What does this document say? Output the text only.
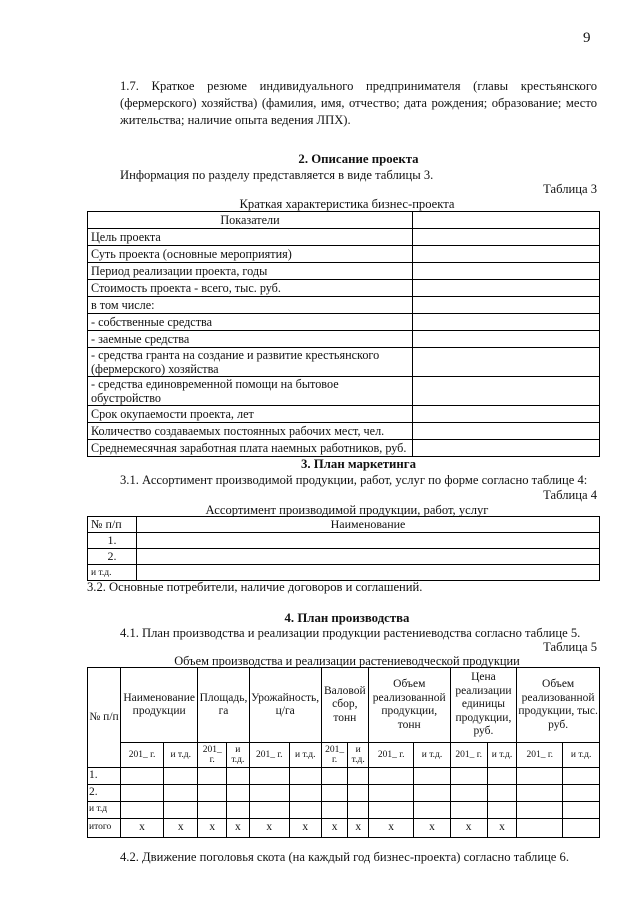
9

1.7. Краткое резюме индивидуального предпринимателя (главы крестьянского (фермерского) хозяйства) (фамилия, имя, отчество; дата рождения; образование; место жительства; наличие опыта ведения ЛПХ).

2. Описание проекта
Информация по разделу представляется в виде таблицы 3.
Таблица 3
Краткая характеристика бизнес-проекта
Показатели	
Цель проекта	
Суть проекта (основные мероприятия)	
Период реализации проекта, годы	
Стоимость проекта - всего, тыс. руб.	
в том числе:	
- собственные средства	
- заемные средства	
- средства гранта на создание и развитие крестьянского (фермерского) хозяйства	
- средства единовременной помощи на бытовое обустройство	
Срок окупаемости проекта, лет	
Количество создаваемых постоянных рабочих мест, чел.	
Среднемесячная заработная плата наемных работников, руб.	
3. План маркетинга
3.1. Ассортимент производимой продукции, работ, услуг по форме согласно таблице 4:
Таблица 4
Ассортимент производимой продукции, работ, услуг
№ п/п	Наименование
1.	
2.	
и т.д.	
3.2. Основные потребители, наличие договоров и соглашений.
4. План производства
4.1. План производства и реализации продукции растениеводства согласно таблице 5.
Таблица 5
Объем производства и реализации растениеводческой продукции
№ п/п	Наименование продукции		Площадь, га		Урожайность, ц/га		Валовой сбор, тонн		Объем реализованной продукции, тонн		Цена реализации единицы продукции, руб.		Объем реализованной продукции, тыс. руб.	
	201_ г.	и т.д.	201_ г.	и т.д.	201_ г.	и т.д.	201_ г.	и т.д.	201_ г.	и т.д.	201_ г.	и т.д.	201_ г.	и т.д.
1.														
2.														
и т.д														
итого	x	x	x	x	x	x	x	x	x	x	x	x		

4.2. Движение поголовья скота (на каждый год бизнес-проекта) согласно таблице 6.
